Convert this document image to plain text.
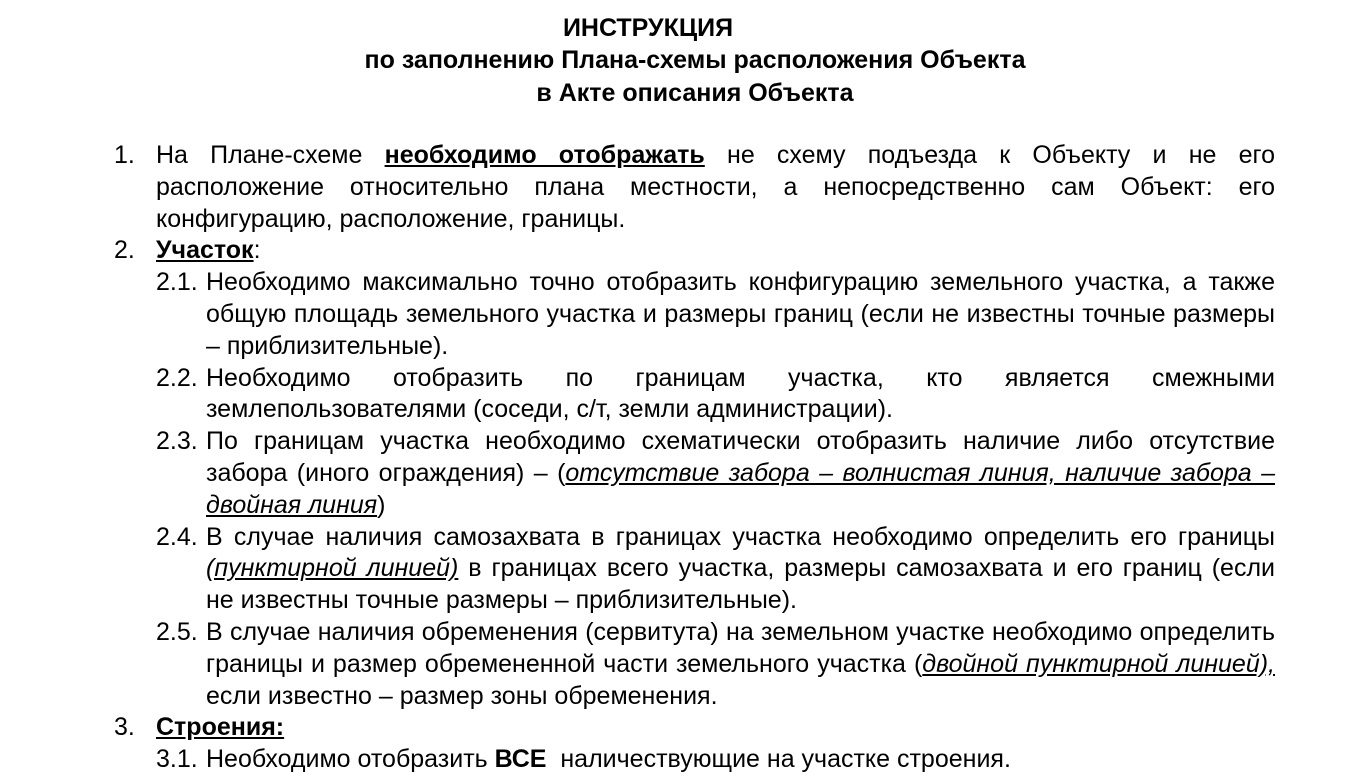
ИНСТРУКЦИЯ
по заполнению Плана-схемы расположения Объекта
в Акте описания Объекта
1. На Плане-схеме необходимо отображать не схему подъезда к Объекту и не его расположение относительно плана местности, а непосредственно сам Объект: его конфигурацию, расположение, границы.
2. Участок:
2.1. Необходимо максимально точно отобразить конфигурацию земельного участка, а также общую площадь земельного участка и размеры границ (если не известны точные размеры – приблизительные).
2.2. Необходимо отобразить по границам участка, кто является смежными землепользователями (соседи, с/т, земли администрации).
2.3. По границам участка необходимо схематически отобразить наличие либо отсутствие забора (иного ограждения) – (отсутствие забора – волнистая линия, наличие забора – двойная линия)
2.4. В случае наличия самозахвата в границах участка необходимо определить его границы (пунктирной линией) в границах всего участка, размеры самозахвата и его границ (если не известны точные размеры – приблизительные).
2.5. В случае наличия обременения (сервитута) на земельном участке необходимо определить границы и размер обремененной части земельного участка (двойной пунктирной линией), если известно – размер зоны обременения.
3. Строения:
3.1. Необходимо отобразить ВСЕ  наличествующие на участке строения.
